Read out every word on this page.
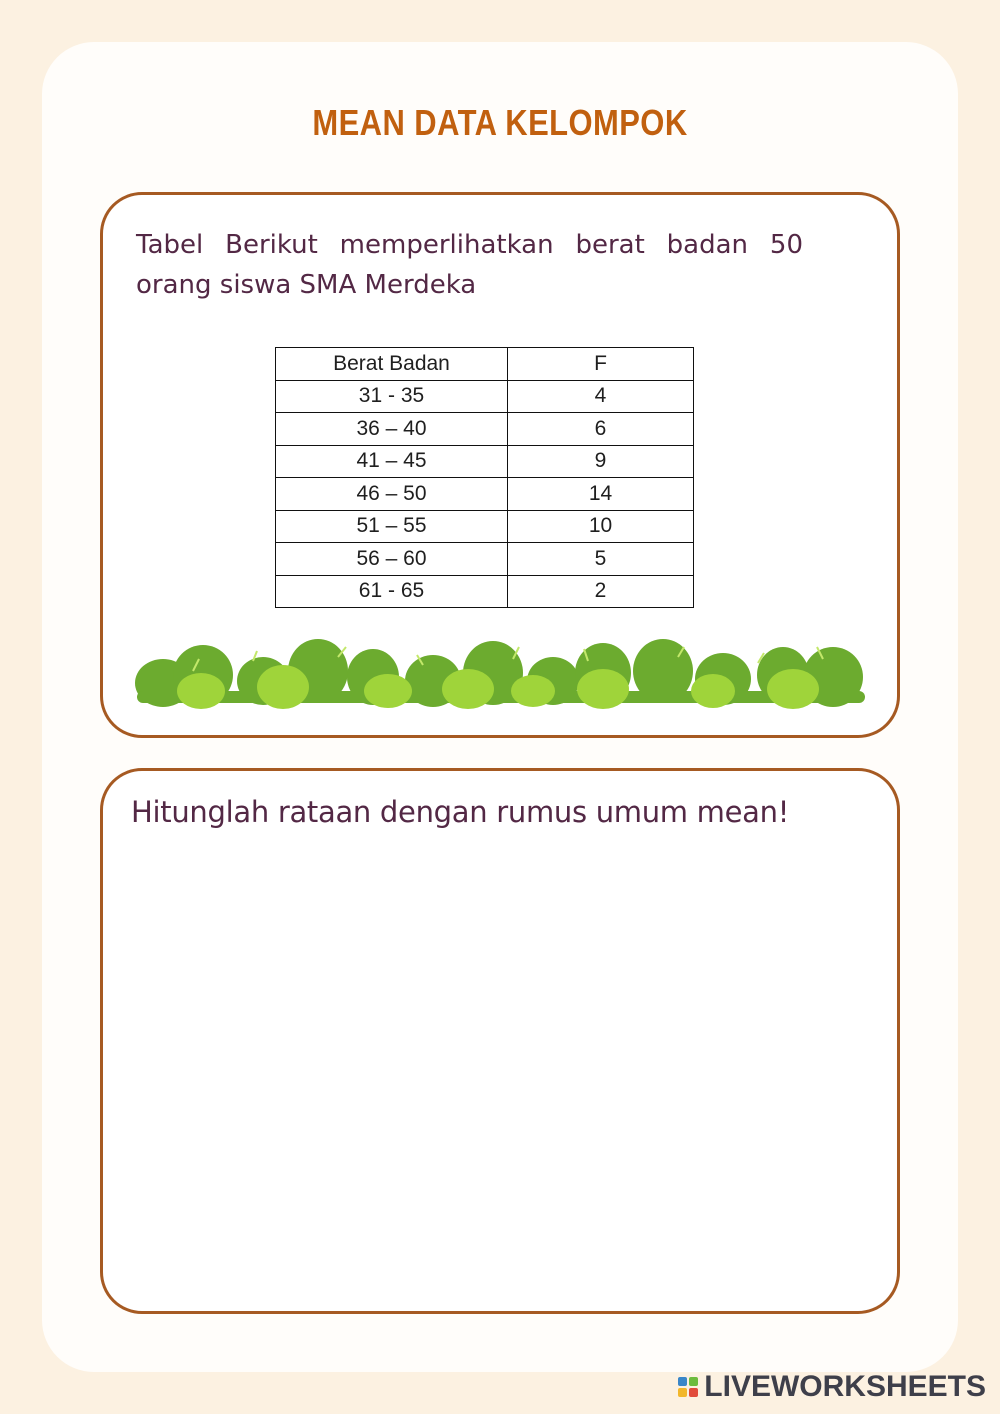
MEAN DATA KELOMPOK
Tabel Berikut memperlihatkan berat badan 50 orang siswa SMA Merdeka
Berat Badan	F
31 - 35	4
36 – 40	6
41 – 45	9
46 – 50	14
51 – 55	10
56 – 60	5
61 - 65	2
Hitunglah rataan dengan rumus umum mean!
LIVEWORKSHEETS
